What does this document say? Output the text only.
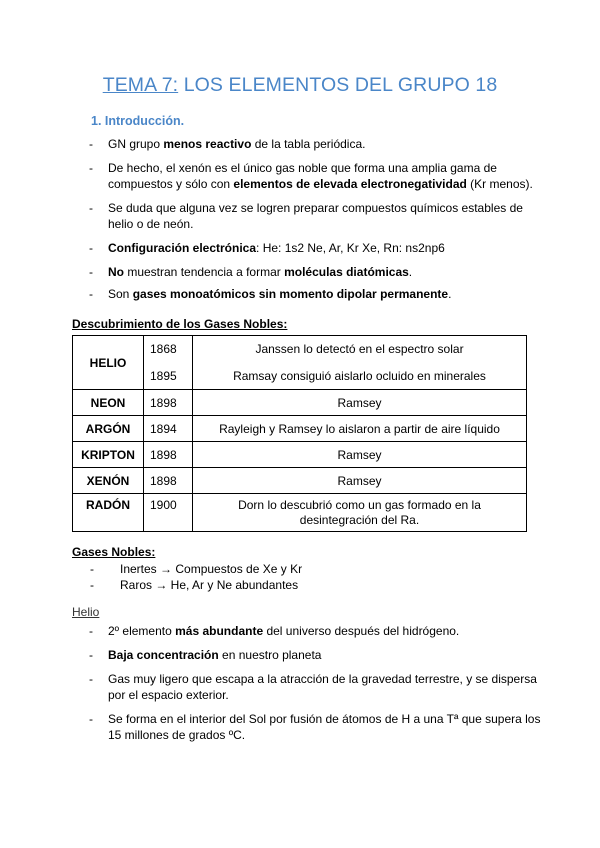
TEMA 7: LOS ELEMENTOS DEL GRUPO 18
1. Introducción.
- GN grupo menos reactivo de la tabla periódica.
- De hecho, el xenón es el único gas noble que forma una amplia gama de compuestos y sólo con elementos de elevada electronegatividad (Kr menos).
- Se duda que alguna vez se logren preparar compuestos químicos estables de helio o de neón.
- Configuración electrónica: He: 1s2 Ne, Ar, Kr Xe, Rn: ns2np6
- No muestran tendencia a formar moléculas diatómicas.
- Son gases monoatómicos sin momento dipolar permanente.
Descubrimiento de los Gases Nobles:
HELIO	1868	Janssen lo detectó en el espectro solar
	1895	Ramsay consiguió aislarlo ocluido en minerales
NEON	1898	Ramsey
ARGÓN	1894	Rayleigh y Ramsey lo aislaron a partir de aire líquido
KRIPTON	1898	Ramsey
XENÓN	1898	Ramsey
RADÓN	1900	Dorn lo descubrió como un gas formado en la desintegración del Ra.
Gases Nobles:
- Inertes → Compuestos de Xe y Kr
- Raros → He, Ar y Ne abundantes
Helio
- 2º elemento más abundante del universo después del hidrógeno.
- Baja concentración en nuestro planeta
- Gas muy ligero que escapa a la atracción de la gravedad terrestre, y se dispersa por el espacio exterior.
- Se forma en el interior del Sol por fusión de átomos de H a una Tª que supera los 15 millones de grados ºC.
